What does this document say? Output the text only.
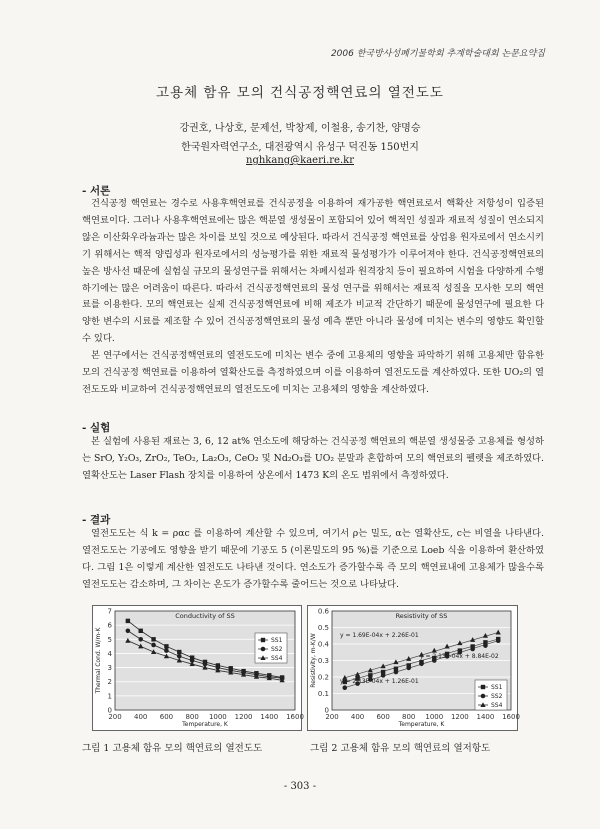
2006 한국방사성폐기물학회 추계학술대회 논문요약집
고용체 함유 모의 건식공정핵연료의 열전도도
강권호, 나상호, 문제선, 박창제, 이철용, 송기찬, 양명승
한국원자력연구소, 대전광역시 유성구 덕진동 150번지
nghkang@kaeri.re.kr
- 서론

건식공정 핵연료는 경수로 사용후핵연료를 건식공정을 이용하여 재가공한 핵연료로서 핵확산 저항성이 입증된 핵연료이다. 그러나 사용후핵연료에는 많은 핵분열 생성물이 포함되어 있어 핵적인 성질과 재료적 성질이 연소되지 않은 이산화우라늄과는 많은 차이를 보일 것으로 예상된다. 따라서 건식공정 핵연료를 상업용 원자로에서 연소시키기 위해서는 핵적 양립성과 원자로에서의 성능평가를 위한 재료적 물성평가가 이루어져야 한다. 건식공정핵연료의 높은 방사선 때문에 실험실 규모의 물성연구를 위해서는 차폐시설과 원격장치 등이 필요하여 시험을 다양하게 수행하기에는 많은 어려움이 따른다. 따라서 건식공정핵연료의 물성 연구를 위해서는 재료적 성질을 모사한 모의 핵연료를 이용한다. 모의 핵연료는 실제 건식공정핵연료에 비해 제조가 비교적 간단하기 때문에 물성연구에 필요한 다양한 변수의 시료를 제조할 수 있어 건식공정핵연료의 물성 예측 뿐만 아니라 물성에 미치는 변수의 영향도 확인할 수 있다.

본 연구에서는 건식공정핵연료의 열전도도에 미치는 변수 중에 고용체의 영향을 파악하기 위해 고용체만 함유한 모의 건식공정 핵연료를 이용하여 열확산도를 측정하였으며 이를 이용하여 열전도도를 계산하였다. 또한 UO₂의 열전도도와 비교하여 건식공정핵연료의 열전도도에 미치는 고용체의 영향을 계산하였다.

- 실험

본 실험에 사용된 재료는 3, 6, 12 at% 연소도에 해당하는 건식공정 핵연료의 핵분열 생성물중 고용체를 형성하는 SrO, Y₂O₃, ZrO₂, TeO₂, La₂O₃, CeO₂ 및 Nd₂O₃를 UO₂ 분말과 혼합하여 모의 핵연료의 펠렛을 제조하였다. 열확산도는 Laser Flash 장치를 이용하여 상온에서 1473 K의 온도 범위에서 측정하였다.

- 결과

열전도도는 식 k = ραc 를 이용하여 계산할 수 있으며, 여기서 ρ는 밀도, α는 열확산도, c는 비열을 나타낸다. 열전도도는 기공에도 영향을 받기 때문에 기공도 5 (이론밀도의 95 %)를 기준으로 Loeb 식을 이용하여 환산하였다. 그림 1은 이렇게 계산한 열전도도 나타낸 것이다. 연소도가 증가할수록 즉 모의 핵연료내에 고용체가 많을수록 열전도도는 감소하며, 그 차이는 온도가 증가할수록 줄어드는 것으로 나타났다.

0
1
2
3
4
5
6
7
200 400 600 800 1000 1200 1400 1600
Conductivity of SS
Temperature, K
Thermal Cond. W/m-K	SS1
SS2
SS4
0
0.1
0.2
0.3
0.4
0.5
0.6
200 400 600 800 1000 1200 1400 1600
Resistivity of SS
Temperature, K
Resistivity, m-K/W
SS1
SS2
SS4
y = 1.69E-04x + 2.26E-01
y = 2.13E-04x + 8.84E-02
y = 2.13E-04x + 1.26E-01
그림 1 고용체 함유 모의 핵연료의 열전도도	그림 2 고용체 함유 모의 핵연료의 열저항도
- 303 -
